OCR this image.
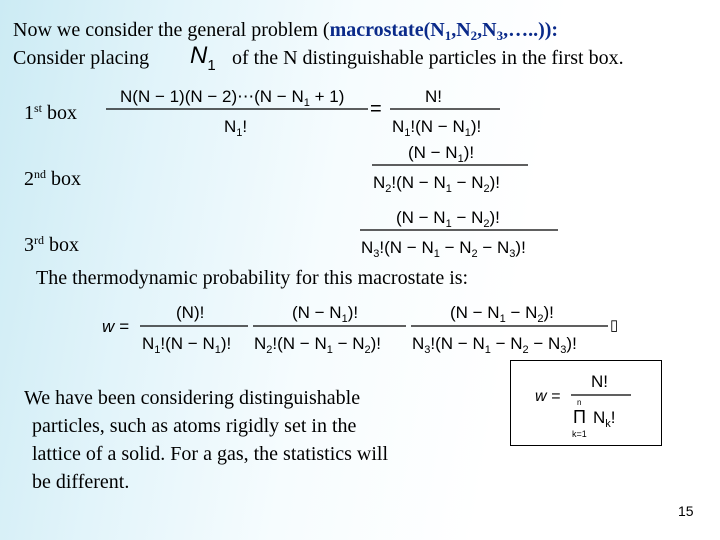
Now we consider the general problem $(macrostate(N_1,N_2,N_3,\dots..))$:
Consider placing $N_1$ of the N distinguishable particles in the first box.
1st box
2nd box
3rd box
N(N − 1)(N − 2)⋯(N − $N_1 + 1$)
$N_1$!
=
N!
$N_1!(N - N_1)$!
$(N - N_1)$!
$N_2!(N - N_1 - N_2)$!
$(N - N_1 - N_2)$!
$N_3!(N - N_1 - N_2 - N_3)$!
The thermodynamic probability for this macrostate is:
w =
(N)!
$N_1!(N - N_1)$!
$(N - N_1)$!
$N_2!(N - N_1 - N_2)$!
$(N - N_1 - N_2)$!
$N_3!(N - N_1 - N_2 - N_3)$!
▯
We have been considering distinguishable
particles, such as atoms rigidly set in the
lattice of a solid. For a gas, the statistics will
be different.
w =
N!
n
Π
k=1
$N_k$!
15
